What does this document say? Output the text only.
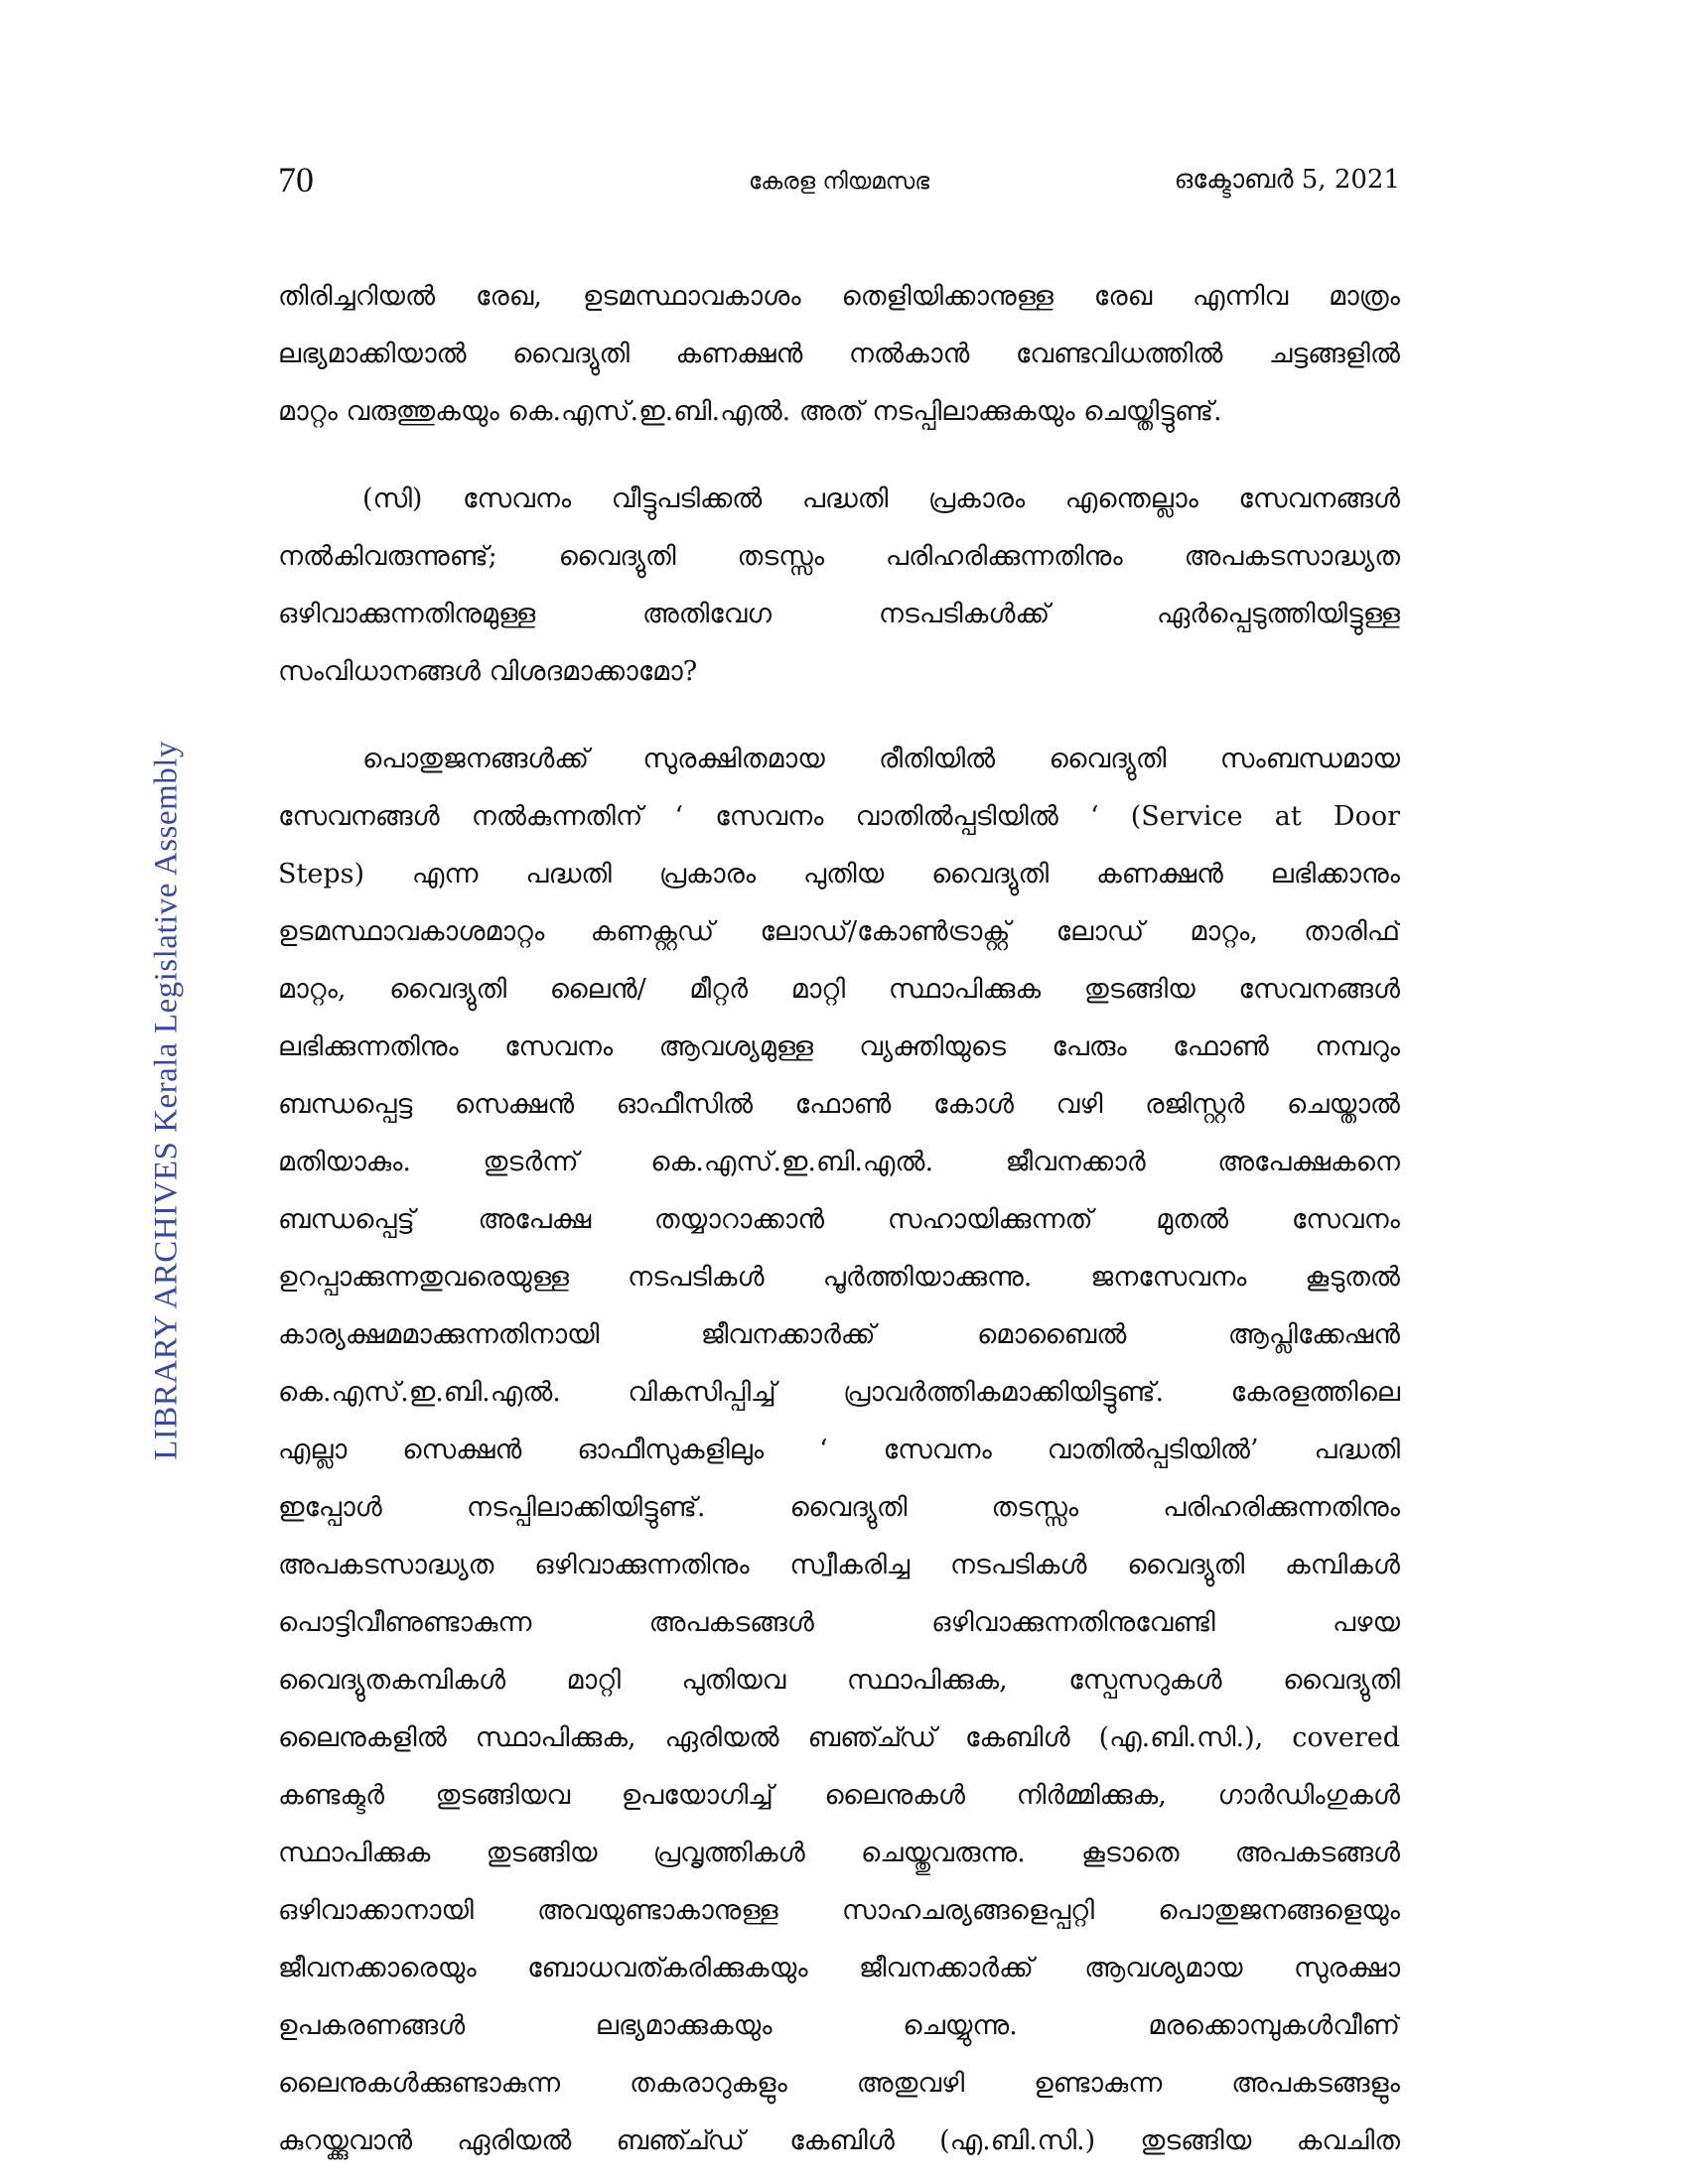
70	കേരള നിയമസഭ	ഒക്ടോബർ 5, 2021
LIBRARY ARCHIVES Kerala Legislative Assembly
തിരിച്ചറിയൽ രേഖ, ഉടമസ്ഥാവകാശം തെളിയിക്കാനുള്ള രേഖ എന്നിവ മാത്രം
ലഭ്യമാക്കിയാൽ വൈദ്യുതി കണക്ഷൻ നൽകാൻ വേണ്ടവിധത്തിൽ ചട്ടങ്ങളിൽ
മാറ്റം വരുത്തുകയും കെ.എസ്.ഇ.ബി.എൽ. അത് നടപ്പിലാക്കുകയും ചെയ്തിട്ടുണ്ട്.
(സി) സേവനം വീട്ടുപടിക്കൽ പദ്ധതി പ്രകാരം എന്തെല്ലാം സേവനങ്ങൾ
നൽകിവരുന്നുണ്ട്; വൈദ്യുതി തടസ്സം പരിഹരിക്കുന്നതിനും അപകടസാദ്ധ്യത
ഒഴിവാക്കുന്നതിനുമുള്ള അതിവേഗ നടപടികൾക്ക് ഏർപ്പെടുത്തിയിട്ടുള്ള
സംവിധാനങ്ങൾ വിശദമാക്കാമോ?
പൊതുജനങ്ങൾക്ക് സുരക്ഷിതമായ രീതിയിൽ വൈദ്യുതി സംബന്ധമായ
സേവനങ്ങൾ നൽകുന്നതിന് ‘ സേവനം വാതിൽപ്പടിയിൽ ‘ (Service at Door
Steps) എന്ന പദ്ധതി പ്രകാരം പുതിയ വൈദ്യുതി കണക്ഷൻ ലഭിക്കാനും
ഉടമസ്ഥാവകാശമാറ്റം കണക്റ്റഡ് ലോഡ്/കോൺട്രാക്റ്റ് ലോഡ് മാറ്റം, താരിഫ്
മാറ്റം, വൈദ്യുതി ലൈൻ/ മീറ്റർ മാറ്റി സ്ഥാപിക്കുക തുടങ്ങിയ സേവനങ്ങൾ
ലഭിക്കുന്നതിനും സേവനം ആവശ്യമുള്ള വ്യക്തിയുടെ പേരും ഫോൺ നമ്പറും
ബന്ധപ്പെട്ട സെക്ഷൻ ഓഫീസിൽ ഫോൺ കോൾ വഴി രജിസ്റ്റർ ചെയ്താൽ
മതിയാകും. തുടർന്ന് കെ.എസ്.ഇ.ബി.എൽ. ജീവനക്കാർ അപേക്ഷകനെ
ബന്ധപ്പെട്ട് അപേക്ഷ തയ്യാറാക്കാൻ സഹായിക്കുന്നത് മുതൽ സേവനം
ഉറപ്പാക്കുന്നതുവരെയുള്ള നടപടികൾ പൂർത്തിയാക്കുന്നു. ജനസേവനം കൂടുതൽ
കാര്യക്ഷമമാക്കുന്നതിനായി ജീവനക്കാർക്ക് മൊബൈൽ ആപ്ലിക്കേഷൻ
കെ.എസ്.ഇ.ബി.എൽ. വികസിപ്പിച്ച് പ്രാവർത്തികമാക്കിയിട്ടുണ്ട്. കേരളത്തിലെ
എല്ലാ സെക്ഷൻ ഓഫീസുകളിലും ‘ സേവനം വാതിൽപ്പടിയിൽ’ പദ്ധതി
ഇപ്പോൾ നടപ്പിലാക്കിയിട്ടുണ്ട്. വൈദ്യുതി തടസ്സം പരിഹരിക്കുന്നതിനും
അപകടസാദ്ധ്യത ഒഴിവാക്കുന്നതിനും സ്വീകരിച്ച നടപടികൾ വൈദ്യുതി കമ്പികൾ
പൊട്ടിവീണുണ്ടാകുന്ന അപകടങ്ങൾ ഒഴിവാക്കുന്നതിനുവേണ്ടി പഴയ
വൈദ്യുതകമ്പികൾ മാറ്റി പുതിയവ സ്ഥാപിക്കുക, സ്പേസറുകൾ വൈദ്യുതി
ലൈനുകളിൽ സ്ഥാപിക്കുക, ഏരിയൽ ബഞ്ച്ഡ് കേബിൾ (എ.ബി.സി.), covered
കണ്ടക്ടർ തുടങ്ങിയവ ഉപയോഗിച്ച് ലൈനുകൾ നിർമ്മിക്കുക, ഗാർഡിംഗുകൾ
സ്ഥാപിക്കുക തുടങ്ങിയ പ്രവൃത്തികൾ ചെയ്തുവരുന്നു. കൂടാതെ അപകടങ്ങൾ
ഒഴിവാക്കാനായി അവയുണ്ടാകാനുള്ള സാഹചര്യങ്ങളെപ്പറ്റി പൊതുജനങ്ങളെയും
ജീവനക്കാരെയും ബോധവത്കരിക്കുകയും ജീവനക്കാർക്ക് ആവശ്യമായ സുരക്ഷാ
ഉപകരണങ്ങൾ ലഭ്യമാക്കുകയും ചെയ്യുന്നു. മരക്കൊമ്പുകൾവീണ്
ലൈനുകൾക്കുണ്ടാകുന്ന തകരാറുകളും അതുവഴി ഉണ്ടാകുന്ന അപകടങ്ങളും
കുറയ്ക്കുവാൻ ഏരിയൽ ബഞ്ച്ഡ് കേബിൾ (എ.ബി.സി.) തുടങ്ങിയ കവചിത
